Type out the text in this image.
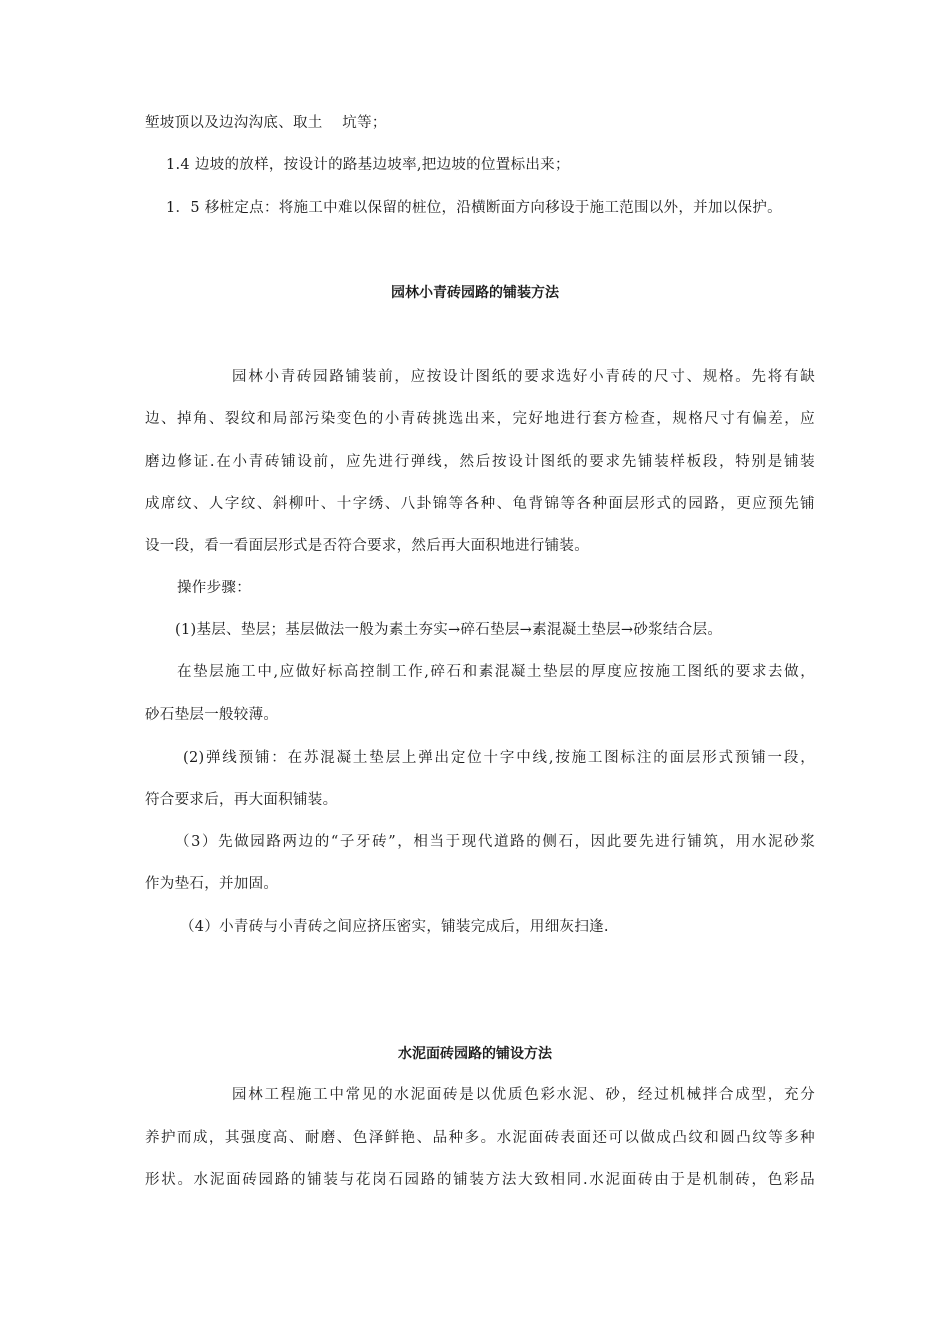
堑坡顶以及边沟沟底、取土　 坑等；
1.4 边坡的放样，按设计的路基边坡率,把边坡的位置标出来；
1．5 移桩定点：将施工中难以保留的桩位，沿横断面方向移设于施工范围以外，并加以保护。
园林小青砖园路的铺装方法
园林小青砖园路铺装前，应按设计图纸的要求选好小青砖的尺寸、规格。先将有缺
边、掉角、裂纹和局部污染变色的小青砖挑选出来，完好地进行套方检查，规格尺寸有偏差，应
磨边修证.在小青砖铺设前，应先进行弹线，然后按设计图纸的要求先铺装样板段，特别是铺装
成席纹、人字纹、斜柳叶、十字绣、八卦锦等各种、龟背锦等各种面层形式的园路，更应预先铺
设一段，看一看面层形式是否符合要求，然后再大面积地进行铺装。
操作步骤：
(1)基层、垫层；基层做法一般为素土夯实→碎石垫层→素混凝土垫层→砂浆结合层。
在垫层施工中,应做好标高控制工作,碎石和素混凝土垫层的厚度应按施工图纸的要求去做，
砂石垫层一般较薄。
(2)弹线预铺：在苏混凝土垫层上弹出定位十字中线,按施工图标注的面层形式预铺一段，
符合要求后，再大面积铺装。
（3）先做园路两边的“子牙砖”，相当于现代道路的侧石，因此要先进行铺筑，用水泥砂浆
作为垫石，并加固。
（4）小青砖与小青砖之间应挤压密实，铺装完成后，用细灰扫逢.
水泥面砖园路的铺设方法
园林工程施工中常见的水泥面砖是以优质色彩水泥、砂，经过机械拌合成型，充分
养护而成，其强度高、耐磨、色泽鲜艳、品种多。水泥面砖表面还可以做成凸纹和圆凸纹等多种
形状。水泥面砖园路的铺装与花岗石园路的铺装方法大致相同.水泥面砖由于是机制砖，色彩品
